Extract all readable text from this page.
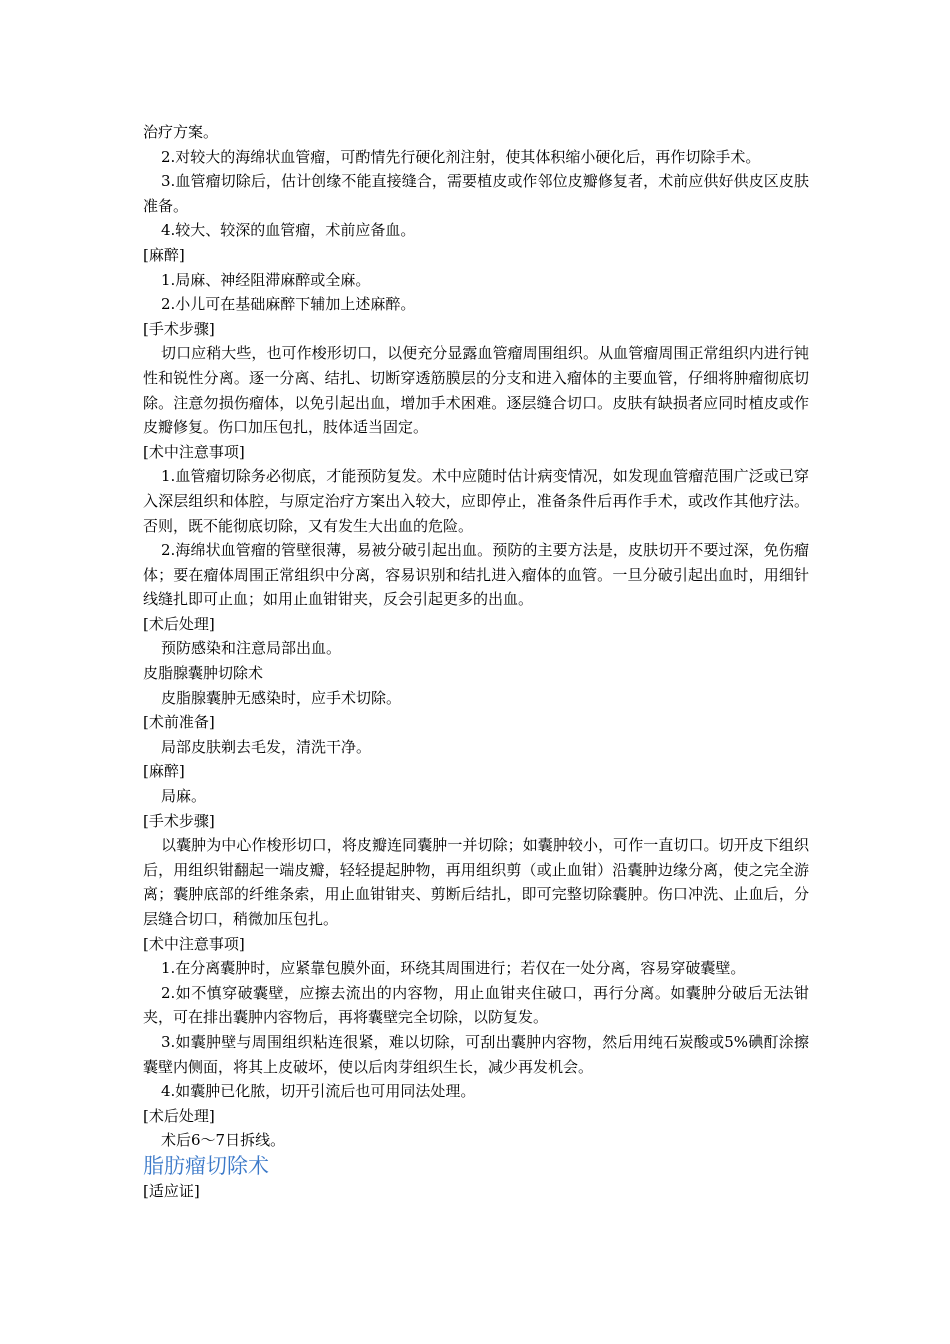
治疗方案。

2.对较大的海绵状血管瘤，可酌情先行硬化剂注射，使其体积缩小硬化后，再作切除手术。

3.血管瘤切除后，估计创缘不能直接缝合，需要植皮或作邻位皮瓣修复者，术前应供好供皮区皮肤准备。

4.较大、较深的血管瘤，术前应备血。

[麻醉]

1.局麻、神经阻滞麻醉或全麻。

2.小儿可在基础麻醉下辅加上述麻醉。

[手术步骤]

切口应稍大些，也可作梭形切口，以便充分显露血管瘤周围组织。从血管瘤周围正常组织内进行钝性和锐性分离。逐一分离、结扎、切断穿透筋膜层的分支和进入瘤体的主要血管，仔细将肿瘤彻底切除。注意勿损伤瘤体，以免引起出血，增加手术困难。逐层缝合切口。皮肤有缺损者应同时植皮或作皮瓣修复。伤口加压包扎，肢体适当固定。

[术中注意事项]

1.血管瘤切除务必彻底，才能预防复发。术中应随时估计病变情况，如发现血管瘤范围广泛或已穿入深层组织和体腔，与原定治疗方案出入较大，应即停止，准备条件后再作手术，或改作其他疗法。否则，既不能彻底切除，又有发生大出血的危险。

2.海绵状血管瘤的管壁很薄，易被分破引起出血。预防的主要方法是，皮肤切开不要过深，免伤瘤体；要在瘤体周围正常组织中分离，容易识别和结扎进入瘤体的血管。一旦分破引起出血时，用细针线缝扎即可止血；如用止血钳钳夹，反会引起更多的出血。

[术后处理]

预防感染和注意局部出血。

皮脂腺囊肿切除术

皮脂腺囊肿无感染时，应手术切除。

[术前准备]

局部皮肤剃去毛发，清洗干净。

[麻醉]

局麻。

[手术步骤]

以囊肿为中心作梭形切口，将皮瓣连同囊肿一并切除；如囊肿较小，可作一直切口。切开皮下组织后，用组织钳翻起一端皮瓣，轻轻提起肿物，再用组织剪（或止血钳）沿囊肿边缘分离，使之完全游离；囊肿底部的纤维条索，用止血钳钳夹、剪断后结扎，即可完整切除囊肿。伤口冲洗、止血后，分层缝合切口，稍微加压包扎。

[术中注意事项]

1.在分离囊肿时，应紧靠包膜外面，环绕其周围进行；若仅在一处分离，容易穿破囊壁。

2.如不慎穿破囊壁，应擦去流出的内容物，用止血钳夹住破口，再行分离。如囊肿分破后无法钳夹，可在排出囊肿内容物后，再将囊壁完全切除，以防复发。

3.如囊肿壁与周围组织粘连很紧，难以切除，可刮出囊肿内容物，然后用纯石炭酸或5%碘酊涂擦囊壁内侧面，将其上皮破坏，使以后肉芽组织生长，减少再发机会。

4.如囊肿已化脓，切开引流后也可用同法处理。

[术后处理]

术后6～7日拆线。

脂肪瘤切除术

[适应证]
